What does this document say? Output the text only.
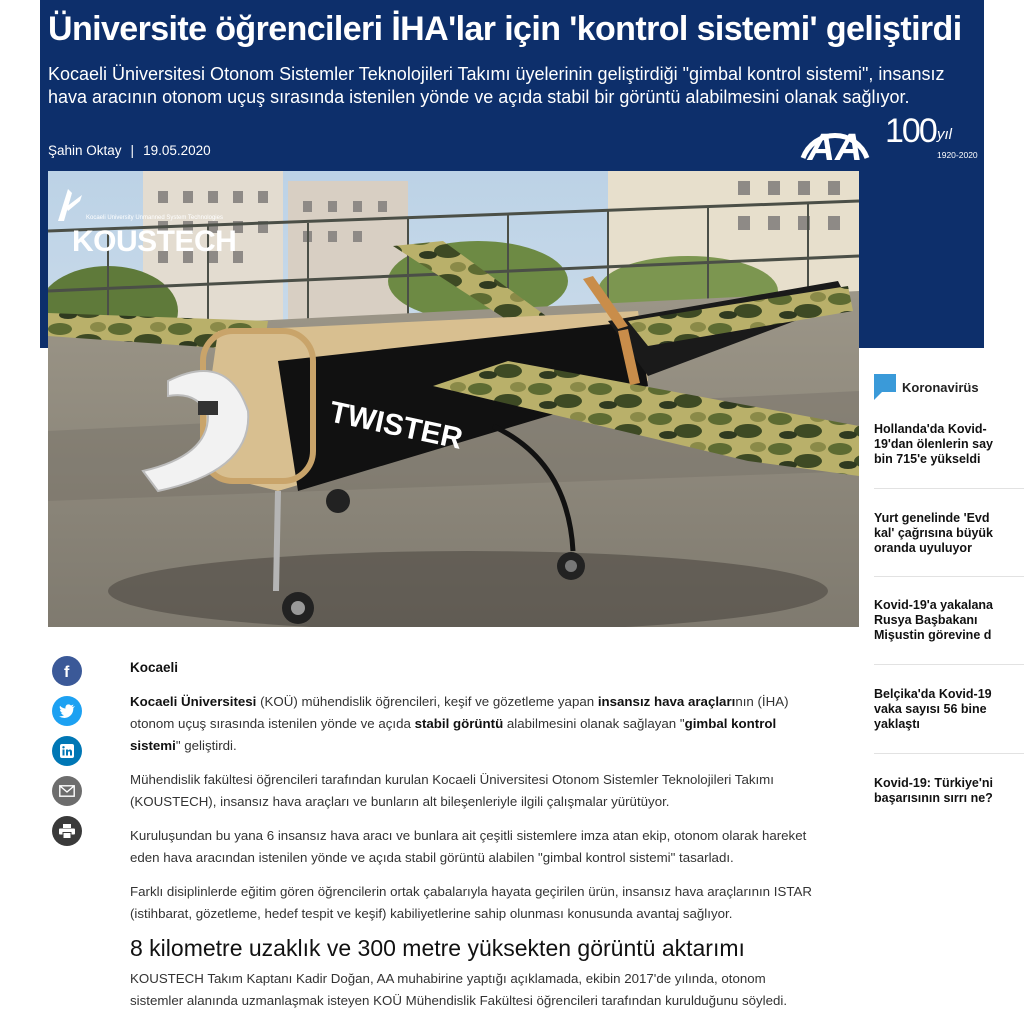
Üniversite öğrencileri İHA'lar için 'kontrol sistemi' geliştirdi

Kocaeli Üniversitesi Otonom Sistemler Teknolojileri Takımı üyelerinin geliştirdiği "gimbal kontrol sistemi", insansız hava aracının otonom uçuş sırasında istenilen yönde ve açıda stabil bir görüntü alabilmesini olanak sağlıyor.

Şahin Oktay | 19.05.2020	AA 100 yıl
1920-2020
TWISTER
Kocaeli University Unmanned System Technologies
KOUSTECH
Koronavirüs
Hollanda'da Kovid-
19'dan ölenlerin say
bin 715'e yükseldi
Yurt genelinde 'Evd
kal' çağrısına büyük
oranda uyuluyor
Kovid-19'a yakalana
Rusya Başbakanı
Mişustin görevine d
Belçika'da Kovid-19
vaka sayısı 56 bine
yaklaştı
Kovid-19: Türkiye'ni
başarısının sırrı ne?
f	Kocaeli

Kocaeli Üniversitesi (KOÜ) mühendislik öğrencileri, keşif ve gözetleme yapan insansız hava araçlarının (İHA) otonom uçuş sırasında istenilen yönde ve açıda stabil görüntü alabilmesini olanak sağlayan "gimbal kontrol sistemi" geliştirdi.

Mühendislik fakültesi öğrencileri tarafından kurulan Kocaeli Üniversitesi Otonom Sistemler Teknolojileri Takımı (KOUSTECH), insansız hava araçları ve bunların alt bileşenleriyle ilgili çalışmalar yürütüyor.

Kuruluşundan bu yana 6 insansız hava aracı ve bunlara ait çeşitli sistemlere imza atan ekip, otonom olarak hareket eden hava aracından istenilen yönde ve açıda stabil görüntü alabilen "gimbal kontrol sistemi" tasarladı.

Farklı disiplinlerde eğitim gören öğrencilerin ortak çabalarıyla hayata geçirilen ürün, insansız hava araçlarının ISTAR (istihbarat, gözetleme, hedef tespit ve keşif) kabiliyetlerine sahip olunması konusunda avantaj sağlıyor.

8 kilometre uzaklık ve 300 metre yüksekten görüntü aktarımı

KOUSTECH Takım Kaptanı Kadir Doğan, AA muhabirine yaptığı açıklamada, ekibin 2017'de yılında, otonom sistemler alanında uzmanlaşmak isteyen KOÜ Mühendislik Fakültesi öğrencileri tarafından kurulduğunu söyledi.
